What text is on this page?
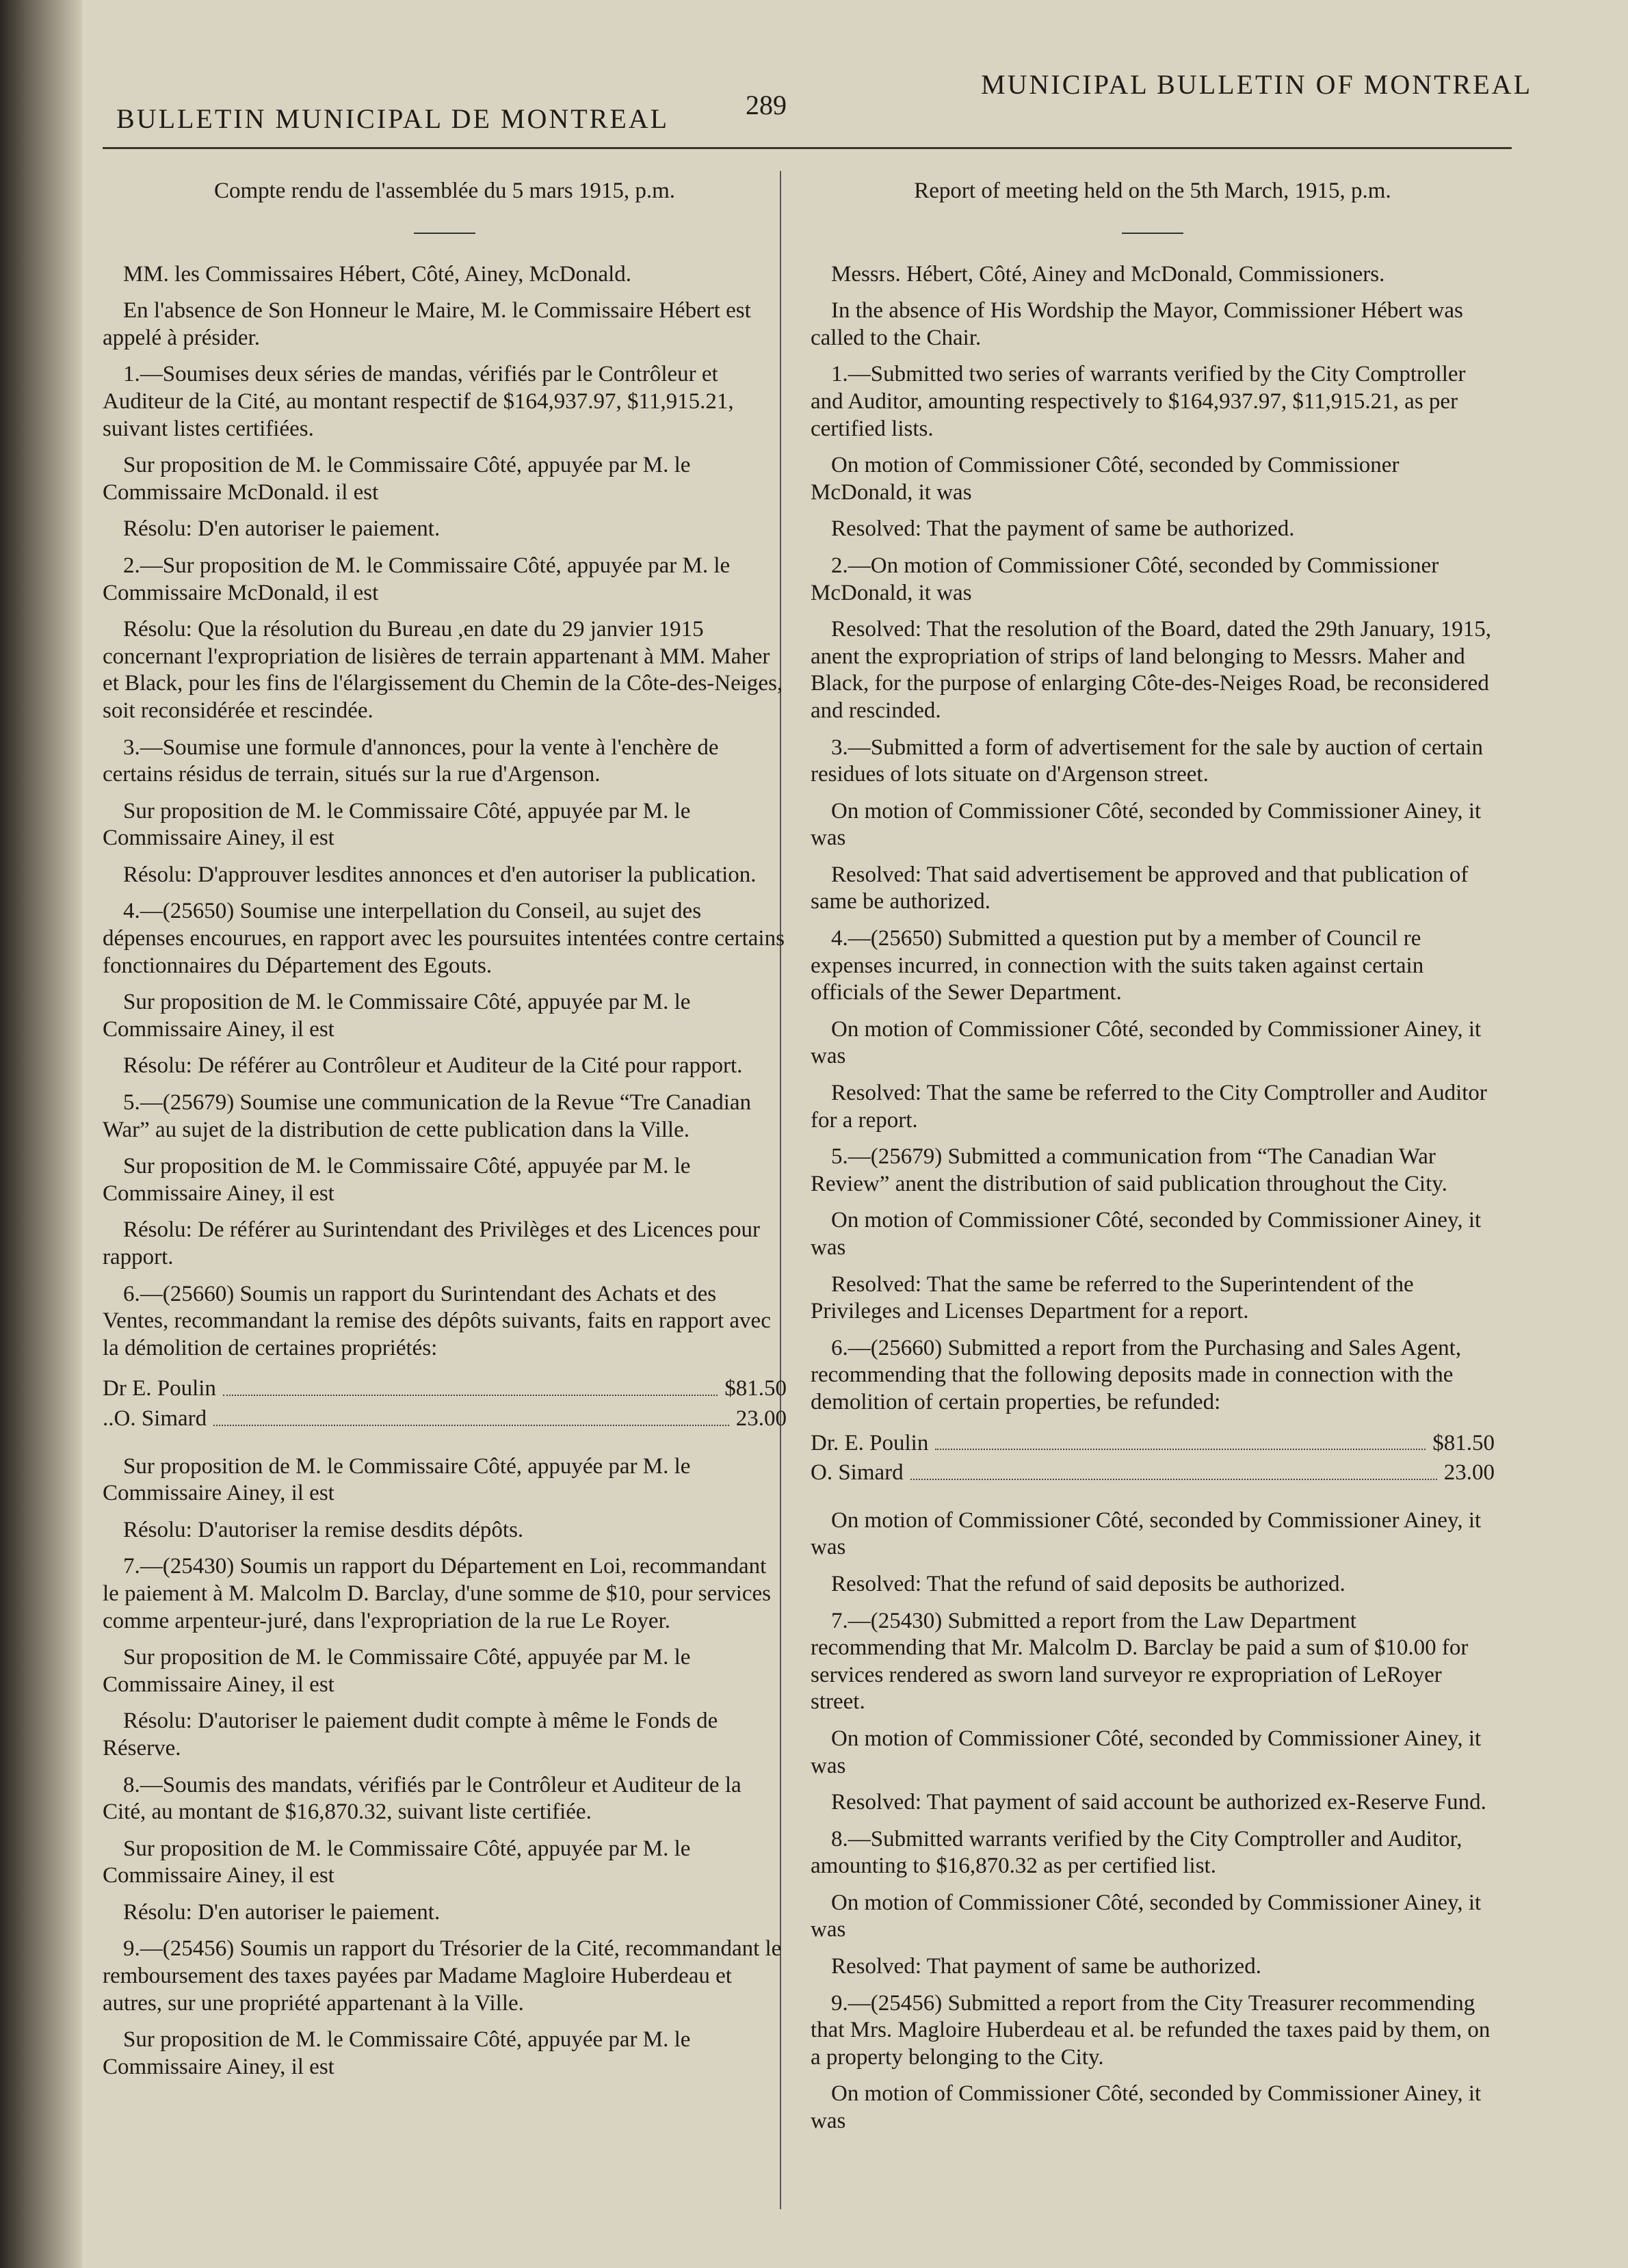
BULLETIN MUNICIPAL DE MONTREAL	289
MUNICIPAL BULLETIN OF MONTREAL

Compte rendu de l'assemblée du 5 mars 1915, p.m.

MM. les Commissaires Hébert, Côté, Ainey, McDonald.

En l'absence de Son Honneur le Maire, M. le Commissaire Hébert est appelé à présider.

1.—Soumises deux séries de mandas, vérifiés par le Contrôleur et Auditeur de la Cité, au montant respectif de $164,937.97, $11,915.21, suivant listes certifiées.

Sur proposition de M. le Commissaire Côté, appuyée par M. le Commissaire McDonald. il est

Résolu: D'en autoriser le paiement.

2.—Sur proposition de M. le Commissaire Côté, appuyée par M. le Commissaire McDonald, il est

Résolu: Que la résolution du Bureau ,en date du 29 janvier 1915 concernant l'expropriation de lisières de terrain appartenant à MM. Maher et Black, pour les fins de l'élargissement du Chemin de la Côte-des-Neiges, soit reconsidérée et rescindée.

3.—Soumise une formule d'annonces, pour la vente à l'enchère de certains résidus de terrain, situés sur la rue d'Argenson.

Sur proposition de M. le Commissaire Côté, appuyée par M. le Commissaire Ainey, il est

Résolu: D'approuver lesdites annonces et d'en autoriser la publication.

4.—(25650) Soumise une interpellation du Conseil, au sujet des dépenses encourues, en rapport avec les poursuites intentées contre certains fonctionnaires du Département des Egouts.

Sur proposition de M. le Commissaire Côté, appuyée par M. le Commissaire Ainey, il est

Résolu: De référer au Contrôleur et Auditeur de la Cité pour rapport.

5.—(25679) Soumise une communication de la Revue “Tre Canadian War” au sujet de la distribution de cette publication dans la Ville.

Sur proposition de M. le Commissaire Côté, appuyée par M. le Commissaire Ainey, il est

Résolu: De référer au Surintendant des Privilèges et des Licences pour rapport.

6.—(25660) Soumis un rapport du Surintendant des Achats et des Ventes, recommandant la remise des dépôts suivants, faits en rapport avec la démolition de certaines propriétés:

Dr E. Poulin	$81.50
..O. Simard	23.00

Sur proposition de M. le Commissaire Côté, appuyée par M. le Commissaire Ainey, il est

Résolu: D'autoriser la remise desdits dépôts.

7.—(25430) Soumis un rapport du Département en Loi, recommandant le paiement à M. Malcolm D. Barclay, d'une somme de $10, pour services comme arpenteur-juré, dans l'expropriation de la rue Le Royer.

Sur proposition de M. le Commissaire Côté, appuyée par M. le Commissaire Ainey, il est

Résolu: D'autoriser le paiement dudit compte à même le Fonds de Réserve.

8.—Soumis des mandats, vérifiés par le Contrôleur et Auditeur de la Cité, au montant de $16,870.32, suivant liste certifiée.

Sur proposition de M. le Commissaire Côté, appuyée par M. le Commissaire Ainey, il est

Résolu: D'en autoriser le paiement.

9.—(25456) Soumis un rapport du Trésorier de la Cité, recommandant le remboursement des taxes payées par Madame Magloire Huberdeau et autres, sur une propriété appartenant à la Ville.

Sur proposition de M. le Commissaire Côté, appuyée par M. le Commissaire Ainey, il est

Report of meeting held on the 5th March, 1915, p.m.

Messrs. Hébert, Côté, Ainey and McDonald, Commissioners.

In the absence of His Wordship the Mayor, Commissioner Hébert was called to the Chair.

1.—Submitted two series of warrants verified by the City Comptroller and Auditor, amounting respectively to $164,937.97, $11,915.21, as per certified lists.

On motion of Commissioner Côté, seconded by Commissioner McDonald, it was

Resolved: That the payment of same be authorized.

2.—On motion of Commissioner Côté, seconded by Commissioner McDonald, it was

Resolved: That the resolution of the Board, dated the 29th January, 1915, anent the expropriation of strips of land belonging to Messrs. Maher and Black, for the purpose of enlarging Côte-des-Neiges Road, be reconsidered and rescinded.

3.—Submitted a form of advertisement for the sale by auction of certain residues of lots situate on d'Argenson street.

On motion of Commissioner Côté, seconded by Commissioner Ainey, it was

Resolved: That said advertisement be approved and that publication of same be authorized.

4.—(25650) Submitted a question put by a member of Council re expenses incurred, in connection with the suits taken against certain officials of the Sewer Department.

On motion of Commissioner Côté, seconded by Commissioner Ainey, it was

Resolved: That the same be referred to the City Comptroller and Auditor for a report.

5.—(25679) Submitted a communication from “The Canadian War Review” anent the distribution of said publication throughout the City.

On motion of Commissioner Côté, seconded by Commissioner Ainey, it was

Resolved: That the same be referred to the Superintendent of the Privileges and Licenses Department for a report.

6.—(25660) Submitted a report from the Purchasing and Sales Agent, recommending that the following deposits made in connection with the demolition of certain properties, be refunded:

Dr. E. Poulin	$81.50
O. Simard	23.00

On motion of Commissioner Côté, seconded by Commissioner Ainey, it was

Resolved: That the refund of said deposits be authorized.

7.—(25430) Submitted a report from the Law Department recommending that Mr. Malcolm D. Barclay be paid a sum of $10.00 for services rendered as sworn land surveyor re expropriation of LeRoyer street.

On motion of Commissioner Côté, seconded by Commissioner Ainey, it was

Resolved: That payment of said account be authorized ex-Reserve Fund.

8.—Submitted warrants verified by the City Comptroller and Auditor, amounting to $16,870.32 as per certified list.

On motion of Commissioner Côté, seconded by Commissioner Ainey, it was

Resolved: That payment of same be authorized.

9.—(25456) Submitted a report from the City Treasurer recommending that Mrs. Magloire Huberdeau et al. be refunded the taxes paid by them, on a property belonging to the City.

On motion of Commissioner Côté, seconded by Commissioner Ainey, it was
